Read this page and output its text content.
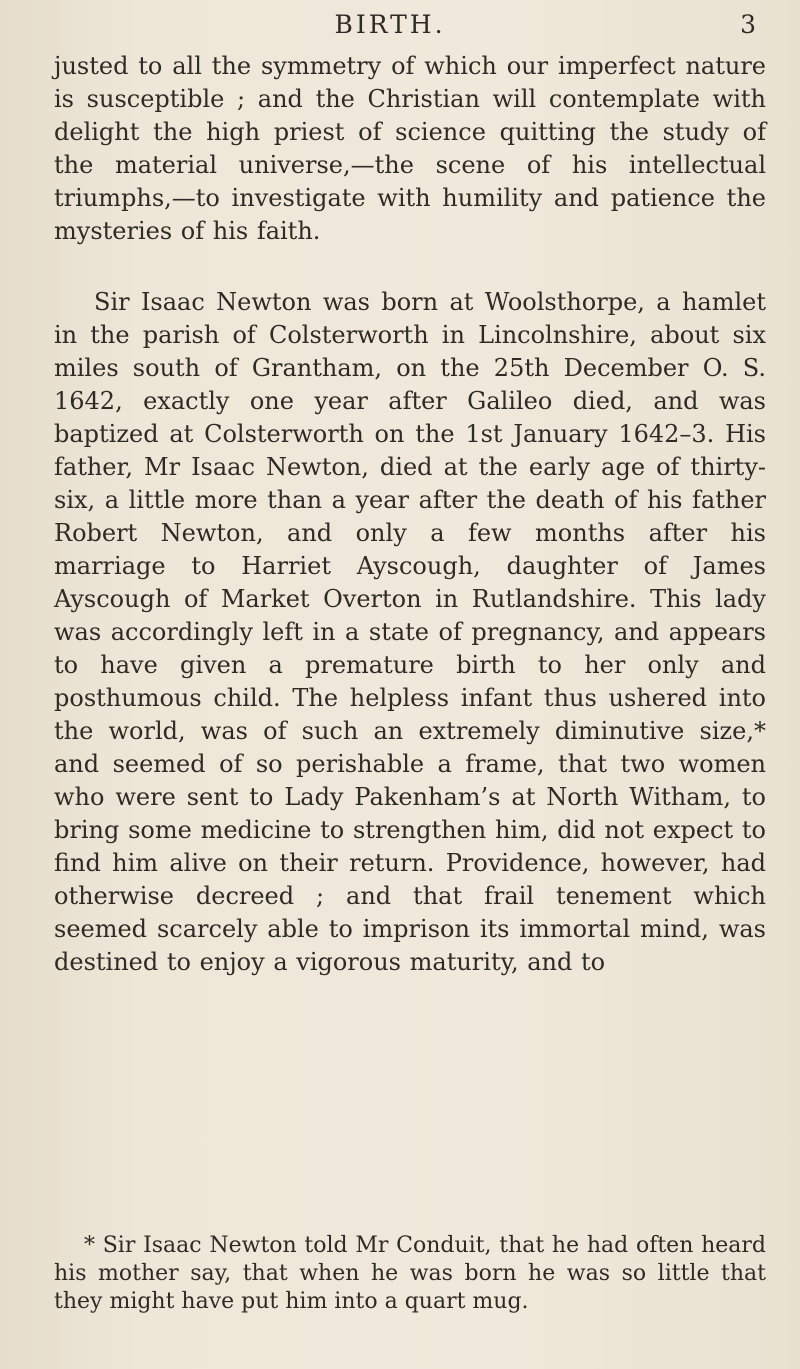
BIRTH.	3

justed to all the symmetry of which our imperfect nature is susceptible ; and the Christian will contemplate with delight the high priest of science quitting the study of the material universe,—the scene of his intellectual triumphs,—to investigate with humility and patience the mysteries of his faith.

Sir Isaac Newton was born at Woolsthorpe, a hamlet in the parish of Colsterworth in Lincolnshire, about six miles south of Grantham, on the 25th December O. S. 1642, exactly one year after Galileo died, and was baptized at Colsterworth on the 1st January 1642–3. His father, Mr Isaac Newton, died at the early age of thirty-six, a little more than a year after the death of his father Robert Newton, and only a few months after his marriage to Harriet Ayscough, daughter of James Ayscough of Market Overton in Rutlandshire. This lady was accordingly left in a state of pregnancy, and appears to have given a premature birth to her only and posthumous child. The helpless infant thus ushered into the world, was of such an extremely diminutive size,* and seemed of so perishable a frame, that two women who were sent to Lady Pakenham’s at North Witham, to bring some medicine to strengthen him, did not expect to find him alive on their return. Providence, however, had otherwise decreed ; and that frail tenement which seemed scarcely able to imprison its immortal mind, was destined to enjoy a vigorous maturity, and to

* Sir Isaac Newton told Mr Conduit, that he had often heard his mother say, that when he was born he was so little that they might have put him into a quart mug.
